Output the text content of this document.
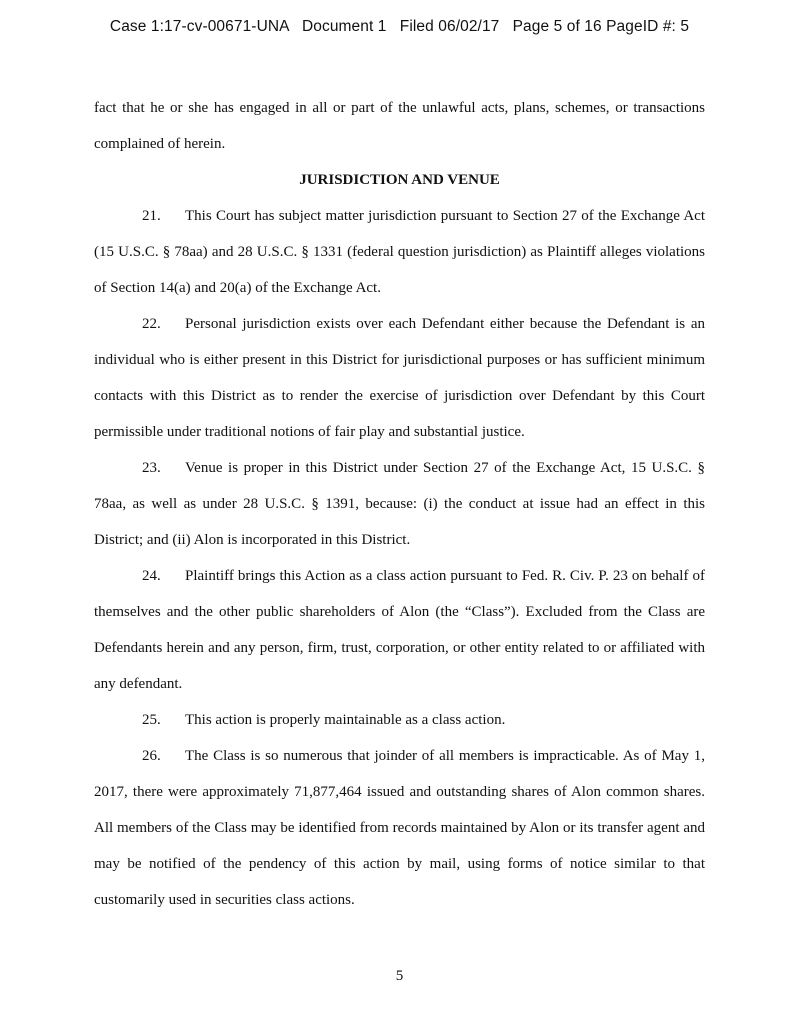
Case 1:17-cv-00671-UNA   Document 1   Filed 06/02/17   Page 5 of 16 PageID #: 5

fact that he or she has engaged in all or part of the unlawful acts, plans, schemes, or transactions complained of herein.

JURISDICTION AND VENUE

21. This Court has subject matter jurisdiction pursuant to Section 27 of the Exchange Act (15 U.S.C. § 78aa) and 28 U.S.C. § 1331 (federal question jurisdiction) as Plaintiff alleges violations of Section 14(a) and 20(a) of the Exchange Act.

22. Personal jurisdiction exists over each Defendant either because the Defendant is an individual who is either present in this District for jurisdictional purposes or has sufficient minimum contacts with this District as to render the exercise of jurisdiction over Defendant by this Court permissible under traditional notions of fair play and substantial justice.

23. Venue is proper in this District under Section 27 of the Exchange Act, 15 U.S.C. § 78aa, as well as under 28 U.S.C. § 1391, because: (i) the conduct at issue had an effect in this District; and (ii) Alon is incorporated in this District.

24. Plaintiff brings this Action as a class action pursuant to Fed. R. Civ. P. 23 on behalf of themselves and the other public shareholders of Alon (the “Class”). Excluded from the Class are Defendants herein and any person, firm, trust, corporation, or other entity related to or affiliated with any defendant.

25. This action is properly maintainable as a class action.

26. The Class is so numerous that joinder of all members is impracticable. As of May 1, 2017, there were approximately 71,877,464 issued and outstanding shares of Alon common shares. All members of the Class may be identified from records maintained by Alon or its transfer agent and may be notified of the pendency of this action by mail, using forms of notice similar to that customarily used in securities class actions.

5
